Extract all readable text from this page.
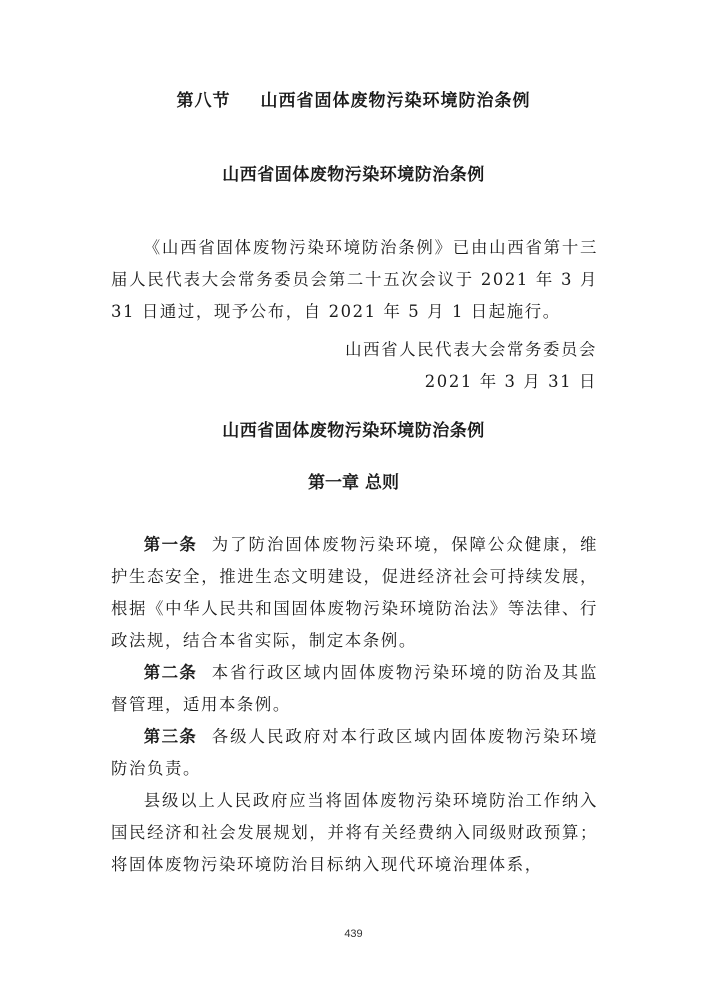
第八节 山西省固体废物污染环境防治条例
山西省固体废物污染环境防治条例

《山西省固体废物污染环境防治条例》已由山西省第十三届人民代表大会常务委员会第二十五次会议于 2021 年 3 月 31 日通过，现予公布，自 2021 年 5 月 1 日起施行。

山西省人民代表大会常务委员会
2021 年 3 月 31 日
山西省固体废物污染环境防治条例
第一章 总则

第一条 为了防治固体废物污染环境，保障公众健康，维护生态安全，推进生态文明建设，促进经济社会可持续发展，根据《中华人民共和国固体废物污染环境防治法》等法律、行政法规，结合本省实际，制定本条例。

第二条 本省行政区域内固体废物污染环境的防治及其监督管理，适用本条例。

第三条 各级人民政府对本行政区域内固体废物污染环境防治负责。

县级以上人民政府应当将固体废物污染环境防治工作纳入国民经济和社会发展规划，并将有关经费纳入同级财政预算；将固体废物污染环境防治目标纳入现代环境治理体系，

439
